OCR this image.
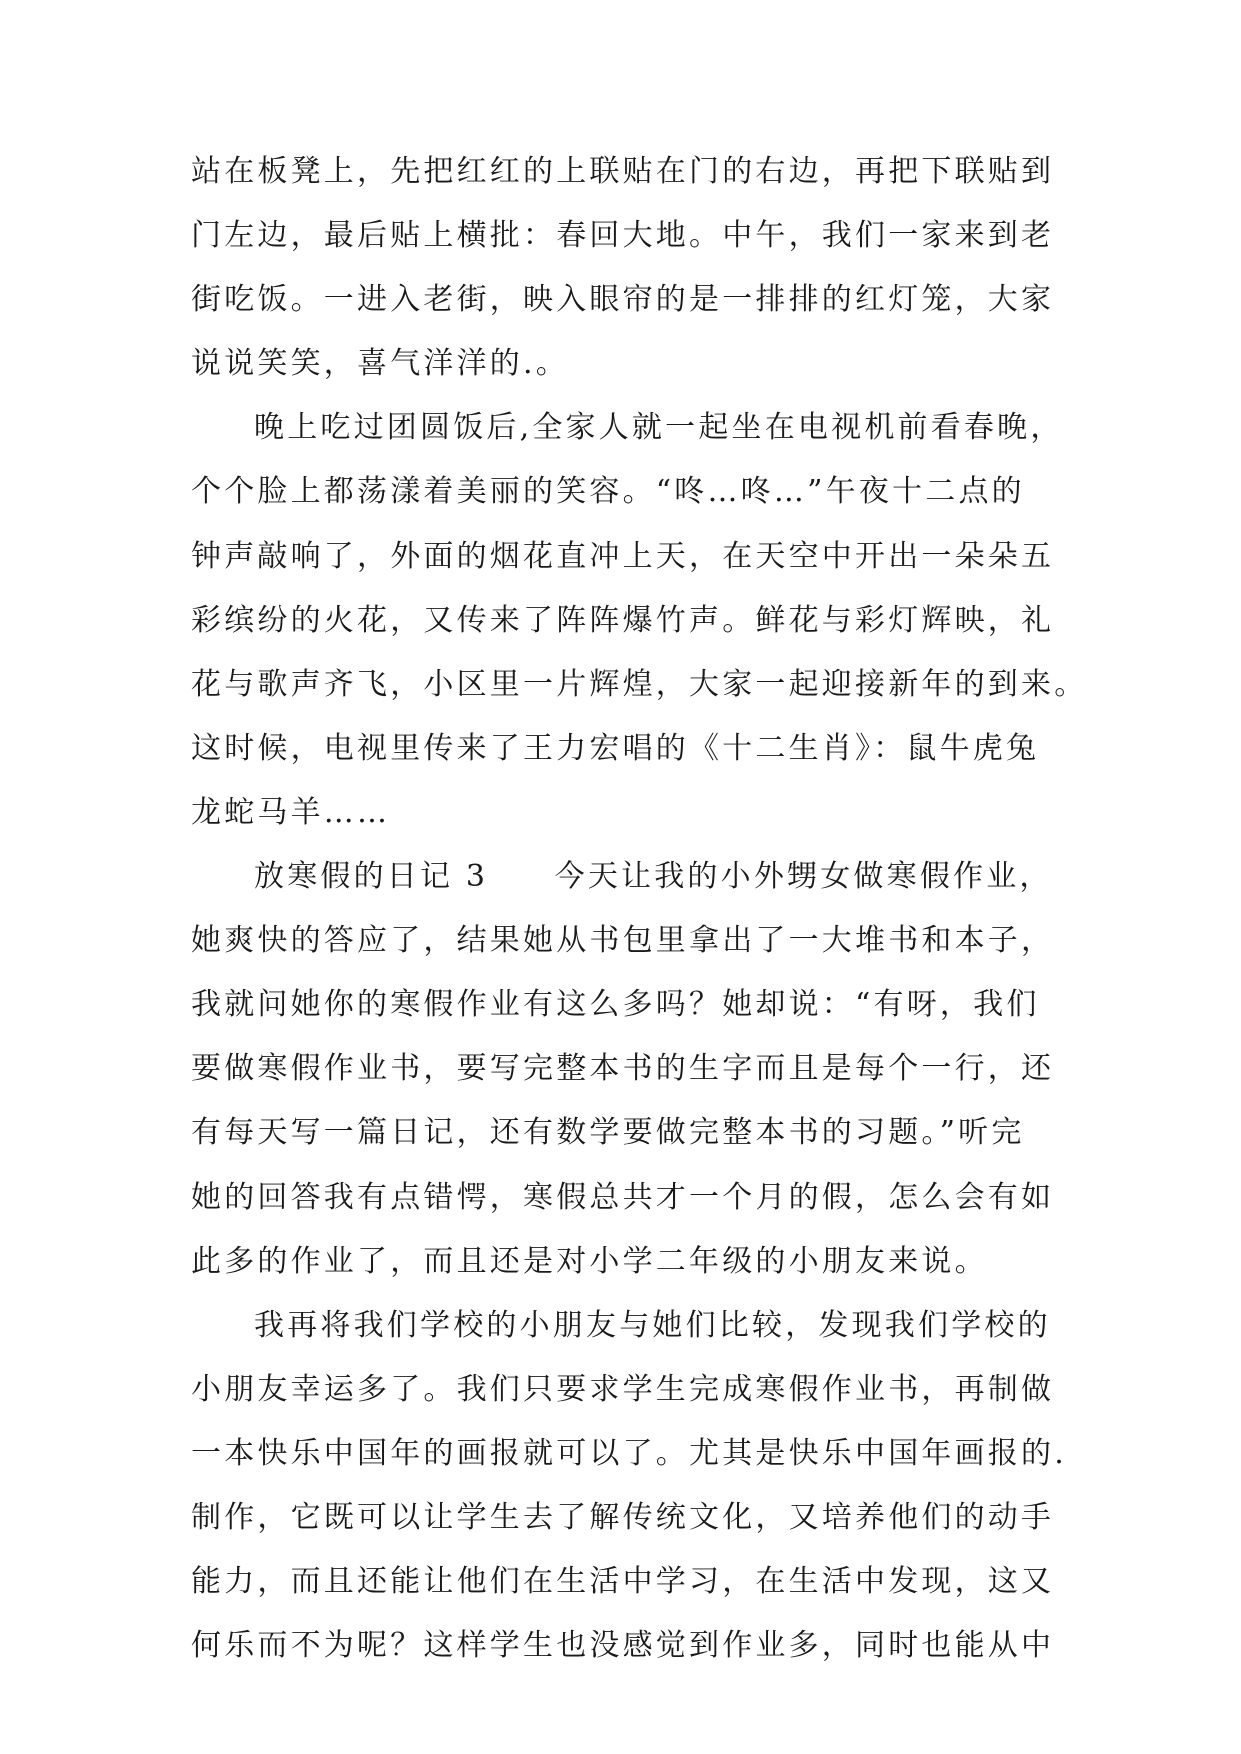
站在板凳上，先把红红的上联贴在门的右边，再把下联贴到
门左边，最后贴上横批：春回大地。中午，我们一家来到老
街吃饭。一进入老街，映入眼帘的是一排排的红灯笼，大家
说说笑笑，喜气洋洋的.。
晚上吃过团圆饭后,全家人就一起坐在电视机前看春晚，
个个脸上都荡漾着美丽的笑容。“咚…咚…”午夜十二点的
钟声敲响了，外面的烟花直冲上天，在天空中开出一朵朵五
彩缤纷的火花，又传来了阵阵爆竹声。鲜花与彩灯辉映，礼
花与歌声齐飞，小区里一片辉煌，大家一起迎接新年的到来。
这时候，电视里传来了王力宏唱的《十二生肖》：鼠牛虎兔
龙蛇马羊……
放寒假的日记 3　　今天让我的小外甥女做寒假作业，
她爽快的答应了，结果她从书包里拿出了一大堆书和本子，
我就问她你的寒假作业有这么多吗？她却说：“有呀，我们
要做寒假作业书，要写完整本书的生字而且是每个一行，还
有每天写一篇日记，还有数学要做完整本书的习题。”听完
她的回答我有点错愕，寒假总共才一个月的假，怎么会有如
此多的作业了，而且还是对小学二年级的小朋友来说。
我再将我们学校的小朋友与她们比较，发现我们学校的
小朋友幸运多了。我们只要求学生完成寒假作业书，再制做
一本快乐中国年的画报就可以了。尤其是快乐中国年画报的.
制作，它既可以让学生去了解传统文化，又培养他们的动手
能力，而且还能让他们在生活中学习，在生活中发现，这又
何乐而不为呢？这样学生也没感觉到作业多，同时也能从中
